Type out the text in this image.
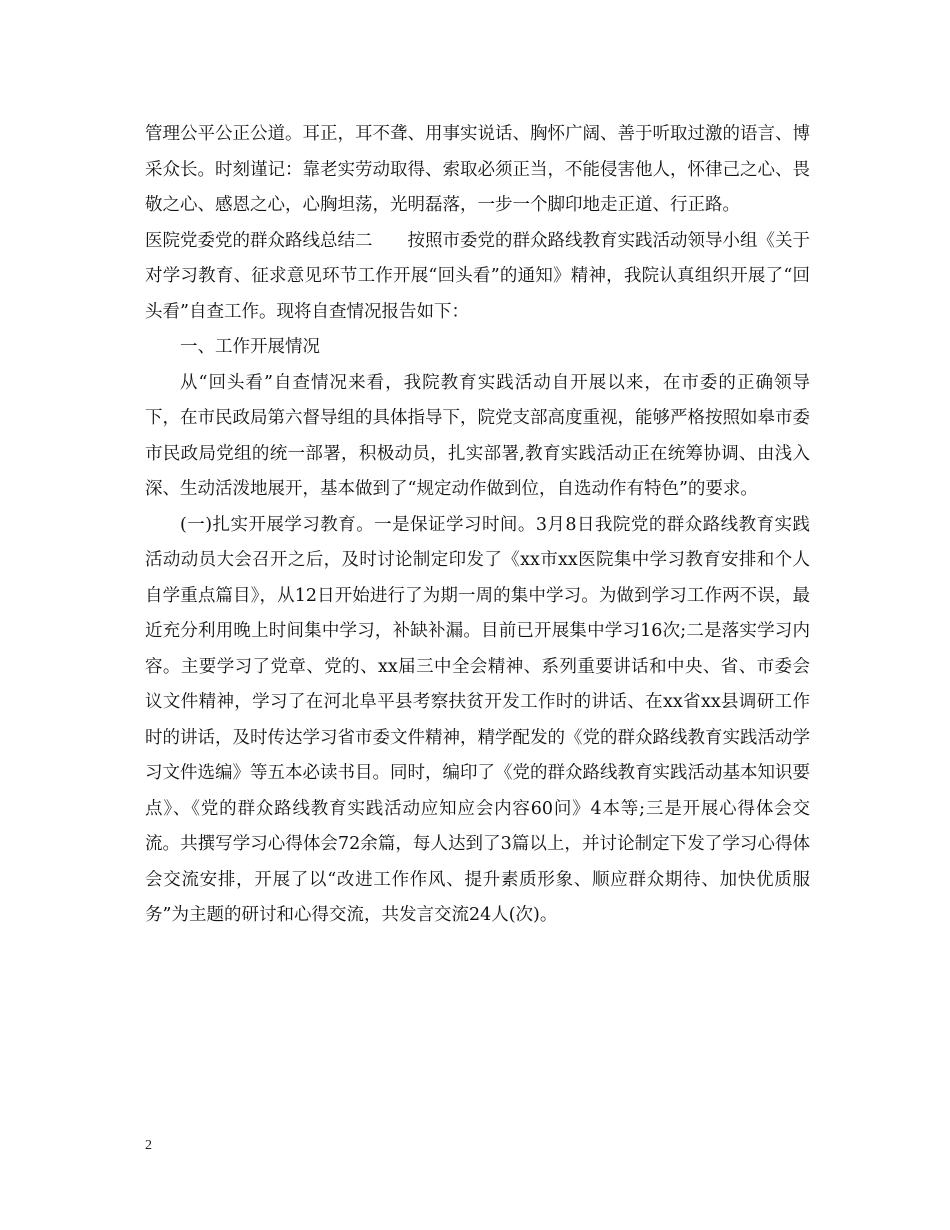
管理公平公正公道。耳正，耳不聋、用事实说话、胸怀广阔、善于听取过激的语言、博采众长。时刻谨记：靠老实劳动取得、索取必须正当，不能侵害他人，怀律己之心、畏敬之心、感恩之心，心胸坦荡，光明磊落，一步一个脚印地走正道、行正路。

医院党委党的群众路线总结二　　按照市委党的群众路线教育实践活动领导小组《关于对学习教育、征求意见环节工作开展“回头看”的通知》精神，我院认真组织开展了“回头看”自查工作。现将自查情况报告如下：

一、工作开展情况

从“回头看”自查情况来看，我院教育实践活动自开展以来，在市委的正确领导下，在市民政局第六督导组的具体指导下，院党支部高度重视，能够严格按照如皋市委市民政局党组的统一部署，积极动员，扎实部署,教育实践活动正在统筹协调、由浅入深、生动活泼地展开，基本做到了“规定动作做到位，自选动作有特色”的要求。

(一)扎实开展学习教育。一是保证学习时间。3月8日我院党的群众路线教育实践活动动员大会召开之后，及时讨论制定印发了《xx市xx医院集中学习教育安排和个人自学重点篇目》，从12日开始进行了为期一周的集中学习。为做到学习工作两不误，最近充分利用晚上时间集中学习，补缺补漏。目前已开展集中学习16次;二是落实学习内容。主要学习了党章、党的、xx届三中全会精神、系列重要讲话和中央、省、市委会议文件精神，学习了在河北阜平县考察扶贫开发工作时的讲话、在xx省xx县调研工作时的讲话，及时传达学习省市委文件精神，精学配发的《党的群众路线教育实践活动学习文件选编》等五本必读书目。同时，编印了《党的群众路线教育实践活动基本知识要点》、《党的群众路线教育实践活动应知应会内容60问》4本等;三是开展心得体会交流。共撰写学习心得体会72余篇，每人达到了3篇以上，并讨论制定下发了学习心得体会交流安排，开展了以“改进工作作风、提升素质形象、顺应群众期待、加快优质服务”为主题的研讨和心得交流，共发言交流24人(次)。

2
